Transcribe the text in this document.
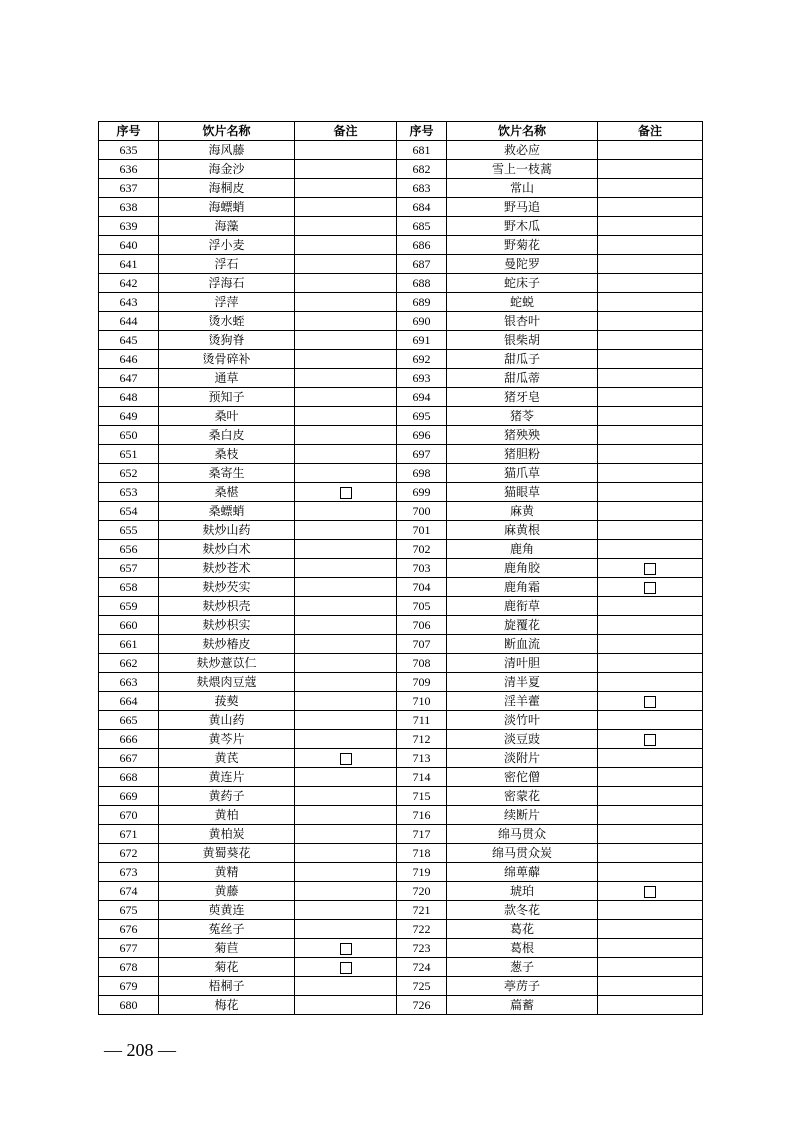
序号	饮片名称	备注	序号	饮片名称	备注
635	海风藤		681	救必应	
636	海金沙		682	雪上一枝蒿	
637	海桐皮		683	常山	
638	海螵蛸		684	野马追	
639	海藻		685	野木瓜	
640	浮小麦		686	野菊花	
641	浮石		687	曼陀罗	
642	浮海石		688	蛇床子	
643	浮萍		689	蛇蜕	
644	烫水蛭		690	银杏叶	
645	烫狗脊		691	银柴胡	
646	烫骨碎补		692	甜瓜子	
647	通草		693	甜瓜蒂	
648	预知子		694	猪牙皂	
649	桑叶		695	猪苓	
650	桑白皮		696	猪殃殃	
651	桑枝		697	猪胆粉	
652	桑寄生		698	猫爪草	
653	桑椹		699	猫眼草	
654	桑螵蛸		700	麻黄	
655	麸炒山药		701	麻黄根	
656	麸炒白术		702	鹿角	
657	麸炒苍术		703	鹿角胶	
658	麸炒芡实		704	鹿角霜	
659	麸炒枳壳		705	鹿衔草	
660	麸炒枳实		706	旋覆花	
661	麸炒椿皮		707	断血流	
662	麸炒薏苡仁		708	清叶胆	
663	麸煨肉豆蔻		709	清半夏	
664	菝葜		710	淫羊藿	
665	黄山药		711	淡竹叶	
666	黄芩片		712	淡豆豉	
667	黄芪		713	淡附片	
668	黄连片		714	密佗僧	
669	黄药子		715	密蒙花	
670	黄柏		716	续断片	
671	黄柏炭		717	绵马贯众	
672	黄蜀葵花		718	绵马贯众炭	
673	黄精		719	绵萆薢	
674	黄藤		720	琥珀	
675	萸黄连		721	款冬花	
676	菟丝子		722	葛花	
677	菊苣		723	葛根	
678	菊花		724	葱子	
679	梧桐子		725	葶苈子	
680	梅花		726	萹蓄	
— 208 —
